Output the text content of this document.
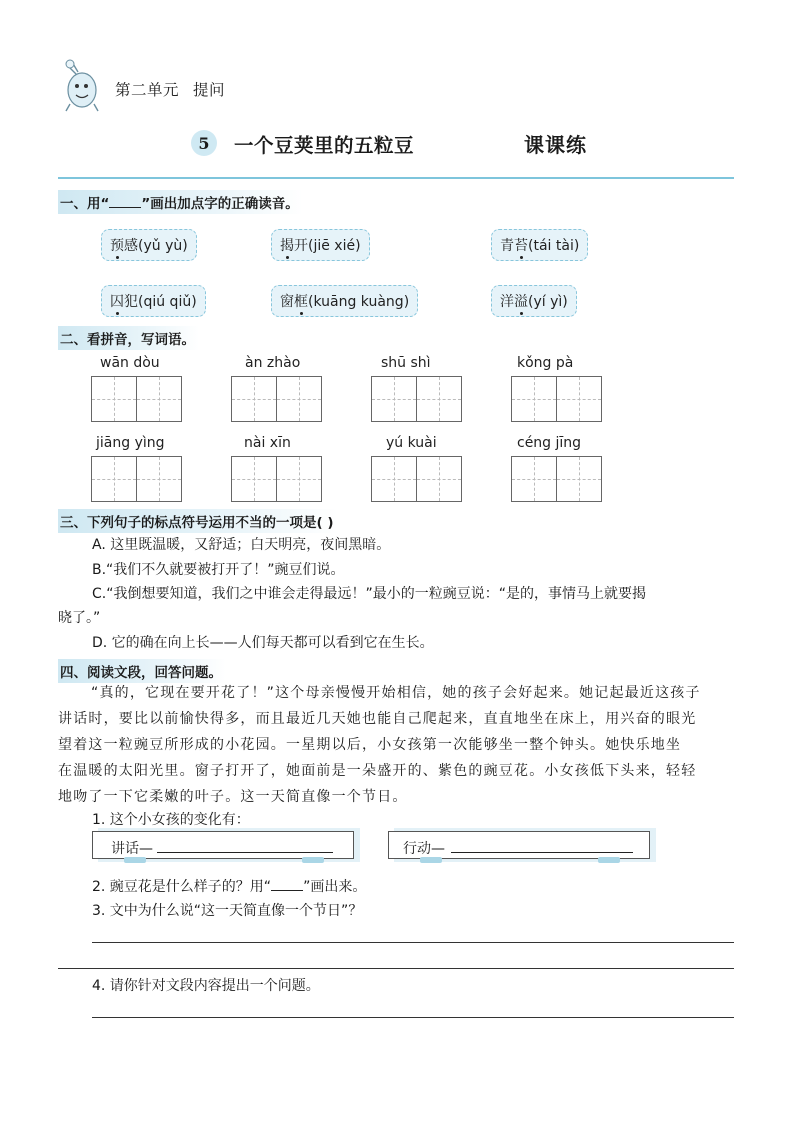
第二单元 提问
5 一个豆荚里的五粒豆	课课练
一、用“ ”画出加点字的正确读音。
预感(yǔ yù)	揭开(jiē xié)	青苔(tái tài)
囚犯(qiú qiǔ)	窗框(kuāng kuàng)	洋溢(yí yì)
二、看拼音，写词语。
wān dòu	àn zhào	shū shì	kǒng pà
jiāng yìng	nài xīn	yú kuài	céng jīng
三、下列句子的标点符号运用不当的一项是( )
A. 这里既温暖，又舒适；白天明亮，夜间黑暗。
B.“我们不久就要被打开了！”豌豆们说。
C.“我倒想要知道，我们之中谁会走得最远！”最小的一粒豌豆说：“是的，事情马上就要揭
晓了。”
D. 它的确在向上长——人们每天都可以看到它在生长。
四、阅读文段，回答问题。
“真的，它现在要开花了！”这个母亲慢慢开始相信，她的孩子会好起来。她记起最近这孩子
讲话时，要比以前愉快得多，而且最近几天她也能自己爬起来，直直地坐在床上，用兴奋的眼光
望着这一粒豌豆所形成的小花园。一星期以后，小女孩第一次能够坐一整个钟头。她快乐地坐
在温暖的太阳光里。窗子打开了，她面前是一朵盛开的、紫色的豌豆花。小女孩低下头来，轻轻
地吻了一下它柔嫩的叶子。这一天简直像一个节日。
1. 这个小女孩的变化有：
讲话—	行动—
2. 豌豆花是什么样子的？用“ ”画出来。
3. 文中为什么说“这一天简直像一个节日”？
4. 请你针对文段内容提出一个问题。
